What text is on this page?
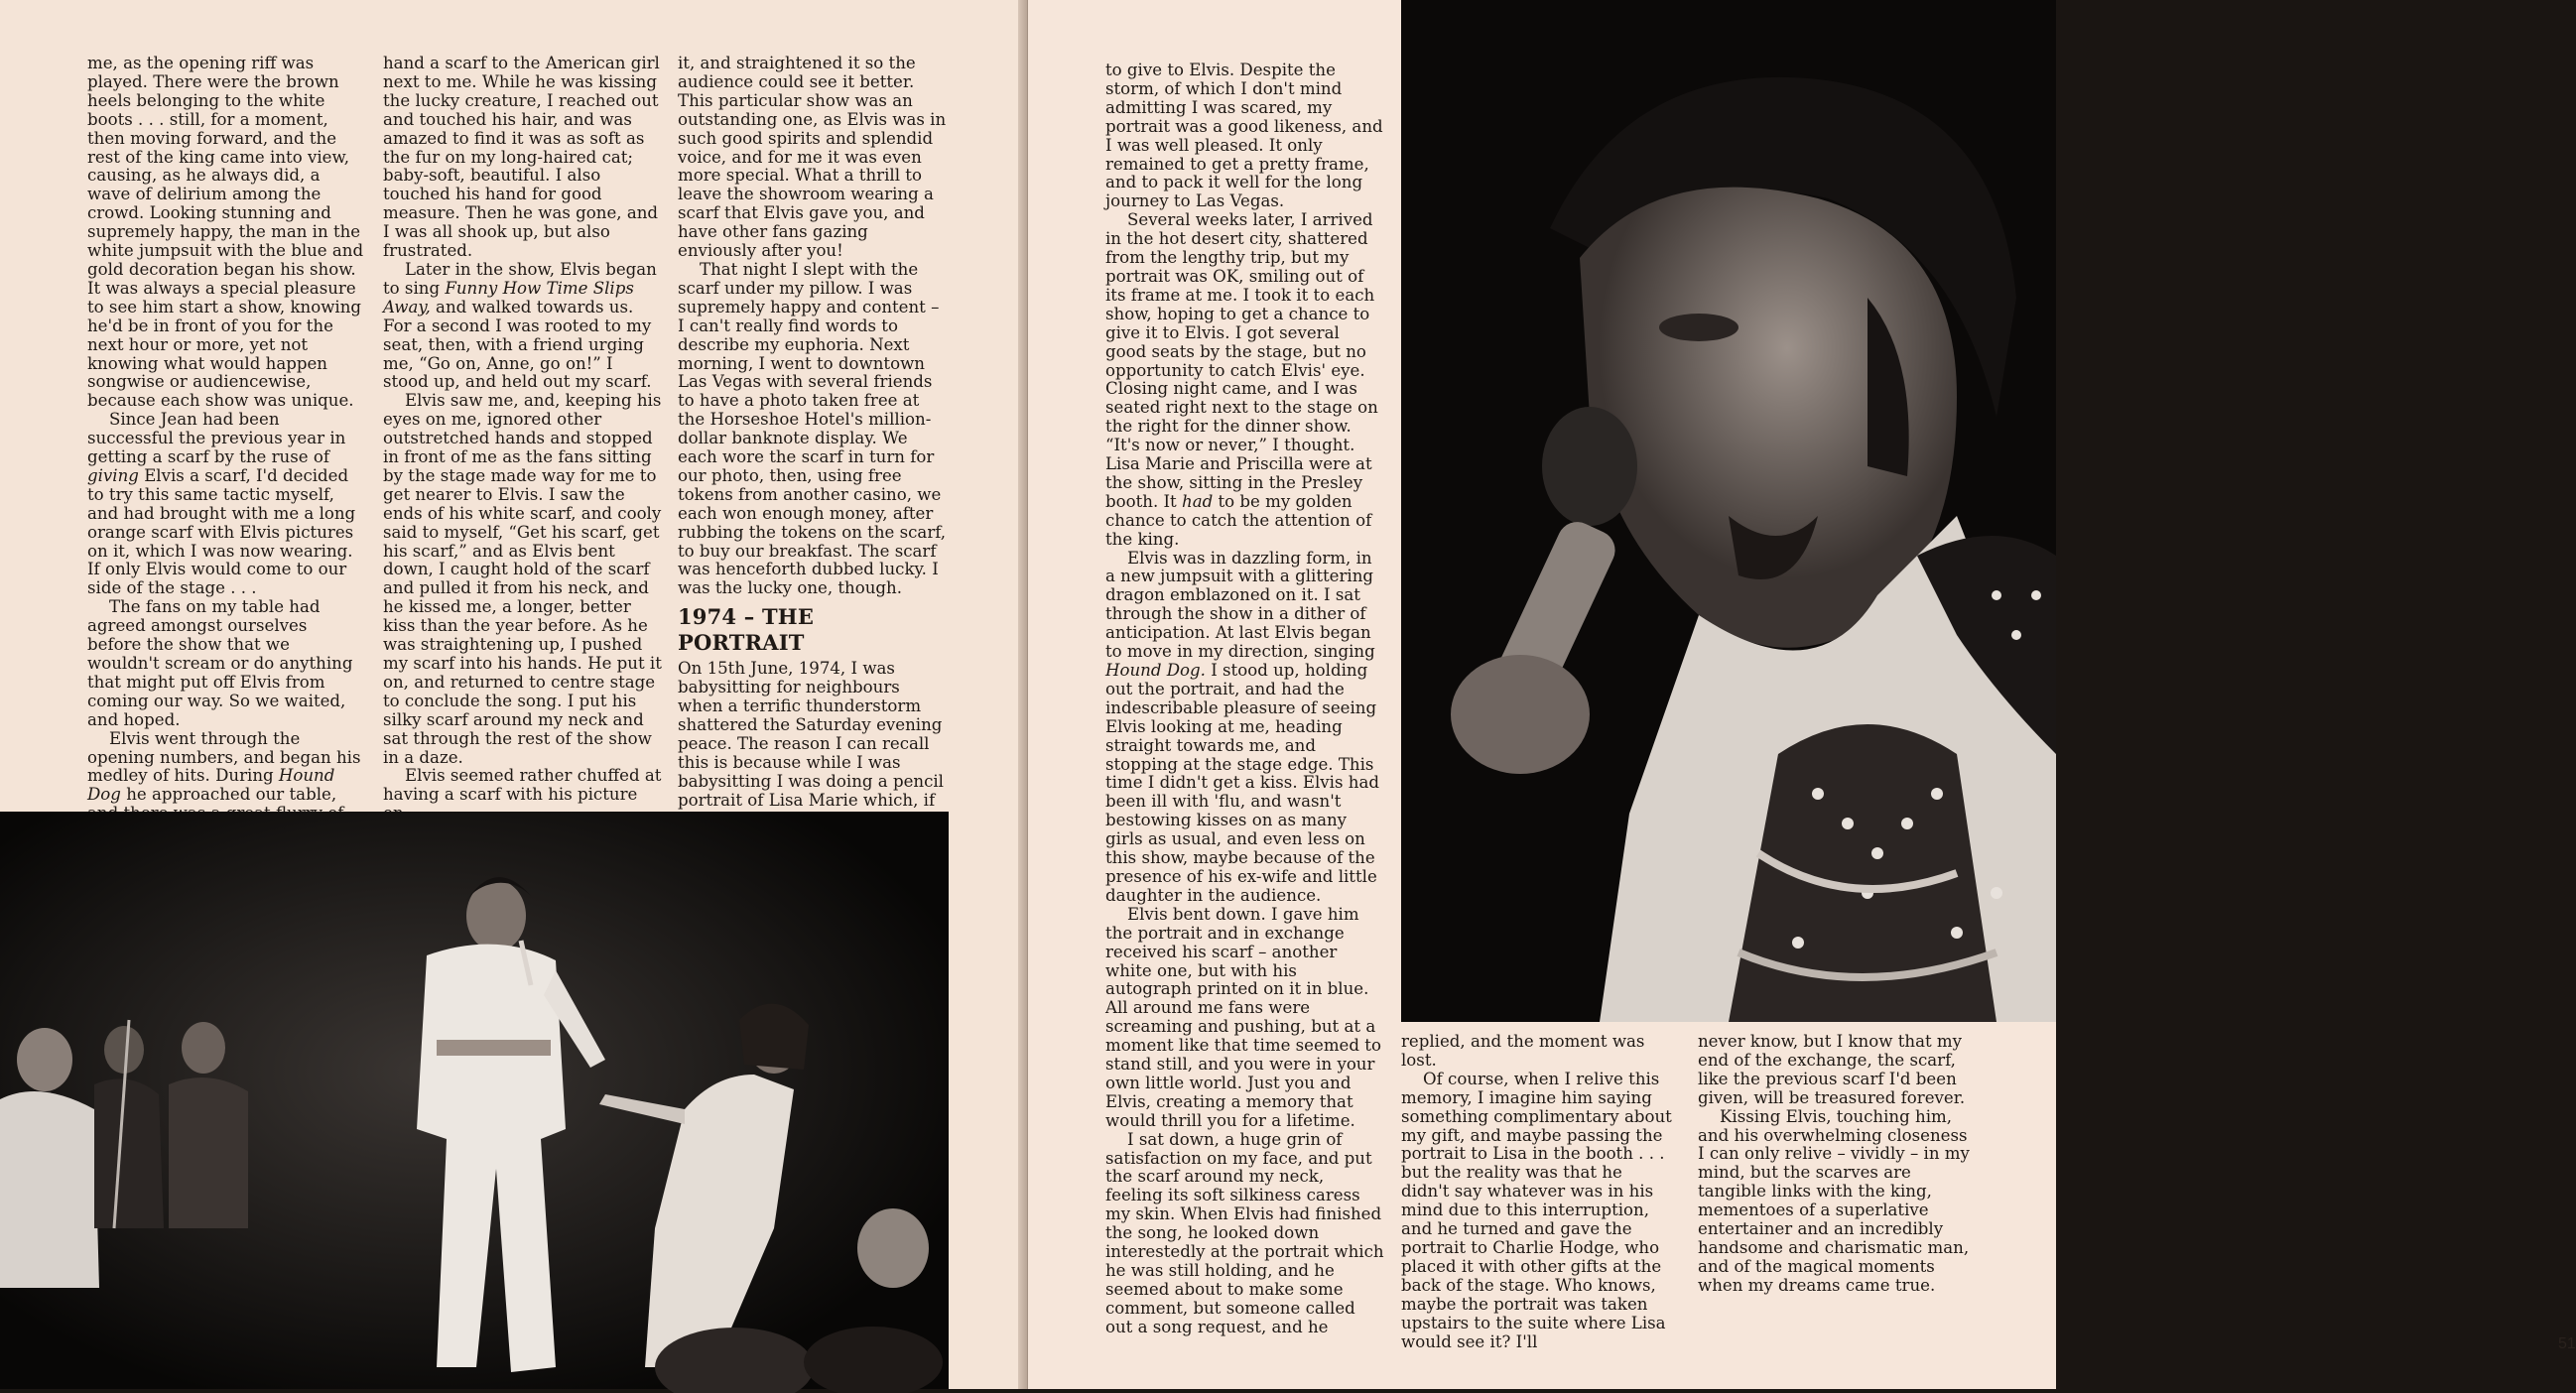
me, as the opening riff was played. There were the brown heels belonging to the white boots . . . still, for a moment, then moving forward, and the rest of the king came into view, causing, as he always did, a wave of delirium among the crowd. Looking stunning and supremely happy, the man in the white jumpsuit with the blue and gold decoration began his show. It was always a special pleasure to see him start a show, knowing he'd be in front of you for the next hour or more, yet not knowing what would happen songwise or audiencewise, because each show was unique.

Since Jean had been successful the previous year in getting a scarf by the ruse of giving Elvis a scarf, I'd decided to try this same tactic myself, and had brought with me a long orange scarf with Elvis pictures on it, which I was now wearing. If only Elvis would come to our side of the stage . . .

The fans on my table had agreed amongst ourselves before the show that we wouldn't scream or do anything that might put off Elvis from coming our way. So we waited, and hoped.

Elvis went through the opening numbers, and began his medley of hits. During Hound Dog he approached our table,

hand a scarf to the American girl next to me. While he was kissing the lucky creature, I reached out and touched his hair, and was amazed to find it was as soft as the fur on my long-haired cat; baby-soft, beautiful. I also touched his hand for good measure. Then he was gone, and I was all shook up, but also frustrated.

Later in the show, Elvis began to sing Funny How Time Slips Away, and walked towards us. For a second I was rooted to my seat, then, with a friend urging me, “Go on, Anne, go on!” I stood up, and held out my scarf.

Elvis saw me, and, keeping his eyes on me, ignored other outstretched hands and stopped in front of me as the fans sitting by the stage made way for me to get nearer to Elvis. I saw the ends of his white scarf, and cooly said to myself, “Get his scarf, get his scarf,” and as Elvis bent down, I caught hold of the scarf and pulled it from his neck, and he kissed me, a longer, better kiss than the year before. As he was straightening up, I pushed my scarf into his hands. He put it on, and returned to centre stage to conclude the song. I put his silky scarf around my neck and sat through the rest of the show in a daze.

Elvis seemed rather chuffed at having a scarf with his picture

it, and straightened it so the audience could see it better. This particular show was an outstanding one, as Elvis was in such good spirits and splendid voice, and for me it was even more special. What a thrill to leave the showroom wearing a scarf that Elvis gave you, and have other fans gazing enviously after you!

That night I slept with the scarf under my pillow. I was supremely happy and content – I can't really find words to describe my euphoria. Next morning, I went to downtown Las Vegas with several friends to have a photo taken free at the Horseshoe Hotel's million-dollar banknote display. We each wore the scarf in turn for our photo, then, using free tokens from another casino, we each won enough money, after rubbing the tokens on the scarf, to buy our breakfast. The scarf was henceforth dubbed lucky. I was the lucky one, though.

1974 – THE PORTRAIT

On 15th June, 1974, I was babysitting for neighbours when a terrific thunderstorm shattered the Saturday evening peace. The reason I can recall this is because while I was babysitting I was doing a pencil portrait of Lisa Marie which, if

to give to Elvis. Despite the storm, of which I don't mind admitting I was scared, my portrait was a good likeness, and I was well pleased. It only remained to get a pretty frame, and to pack it well for the long journey to Las Vegas.

Several weeks later, I arrived in the hot desert city, shattered from the lengthy trip, but my portrait was OK, smiling out of its frame at me. I took it to each show, hoping to get a chance to give it to Elvis. I got several good seats by the stage, but no opportunity to catch Elvis' eye. Closing night came, and I was seated right next to the stage on the right for the dinner show. “It's now or never,” I thought. Lisa Marie and Priscilla were at the show, sitting in the Presley booth. It had to be my golden chance to catch the attention of the king.

Elvis was in dazzling form, in a new jumpsuit with a glittering dragon emblazoned on it. I sat through the show in a dither of anticipation. At last Elvis began to move in my direction, singing Hound Dog. I stood up, holding out the portrait, and had the indescribable pleasure of seeing Elvis looking at me, heading straight towards me, and stopping at the stage edge. This time I didn't get a kiss. Elvis had been ill with 'flu, and wasn't bestowing kisses on as many girls as usual, and even less on this show, maybe because of the presence of his ex-wife and little daughter in the audience.

Elvis bent down. I gave him the portrait and in exchange received his scarf – another white one, but with his autograph printed on it in blue. All around me fans were screaming and pushing, but at a moment like that time seemed to stand still, and you were in your own little world. Just you and Elvis, creating a memory that would thrill you for a lifetime.

I sat down, a huge grin of satisfaction on my face, and put the scarf around my neck, feeling its soft silkiness caress my skin. When Elvis had finished the song, he looked down interestedly at the portrait which he was still holding, and he seemed about to make some comment, but someone called out a song request, and he

replied, and the moment was lost.

Of course, when I relive this memory, I imagine him saying something complimentary about my gift, and maybe passing the portrait to Lisa in the booth . . . but the reality was that he didn't say whatever was in his mind due to this interruption, and he turned and gave the portrait to Charlie Hodge, who placed it with other gifts at the back of the stage. Who knows, maybe the portrait was taken upstairs to the suite where Lisa would see it? I'll

never know, but I know that my end of the exchange, the scarf, like the previous scarf I'd been given, will be treasured forever.

Kissing Elvis, touching him, and his overwhelming closeness I can only relive – vividly – in my mind, but the scarves are tangible links with the king, mementoes of a superlative entertainer and an incredibly handsome and charismatic man, and of the magical moments when my dreams came true.

51
